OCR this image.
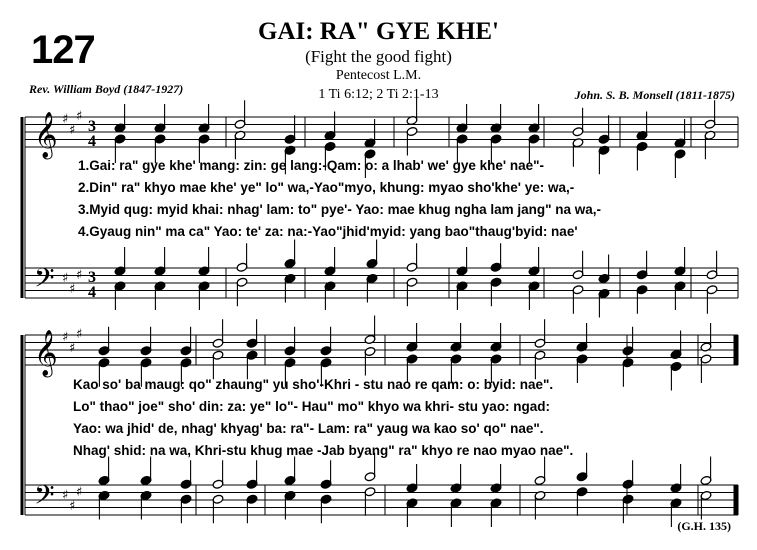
127	GAI: RA" GYE KHE'
(Fight the good fight)
Pentecost L.M.
1 Ti 6:12; 2 Ti 2:1-13
Rev. William Boyd (1847-1927)	John. S. B. Monsell (1811-1875)
𝄞
𝄢
♯
♯
♯
♯
♯
♯
3
4
3
4
𝄞
𝄢
♯
♯
♯
♯
♯
♯
1.Gai: ra" gye khe' mang: zin: ge lang:-Qam: o: a lhab' we' gye khe' nae"-
2.Din" ra" khyo mae khe' ye" lo" wa,-Yao"myo, khung: myao sho'khe' ye: wa,-
3.Myid qug: myid khai: nhag' lam: to" pye'- Yao: mae khug ngha lam jang" na wa,-
4.Gyaug nin" ma ca" Yao: te' za: na:-Yao"jhid'myid: yang bao"thaug'byid: nae'
Kao so' ba maug: qo" zhaung" yu sho'-Khri - stu nao re qam: o: byid: nae".
Lo" thao" joe" sho' din: za: ye" lo"- Hau" mo" khyo wa khri- stu yao: ngad:
Yao: wa jhid' de, nhag' khyag' ba: ra"- Lam: ra" yaug wa kao so' qo" nae".
Nhag' shid: na wa, Khri-stu khug mae -Jab byang" ra" khyo re nao myao nae".
(G.H. 135)
